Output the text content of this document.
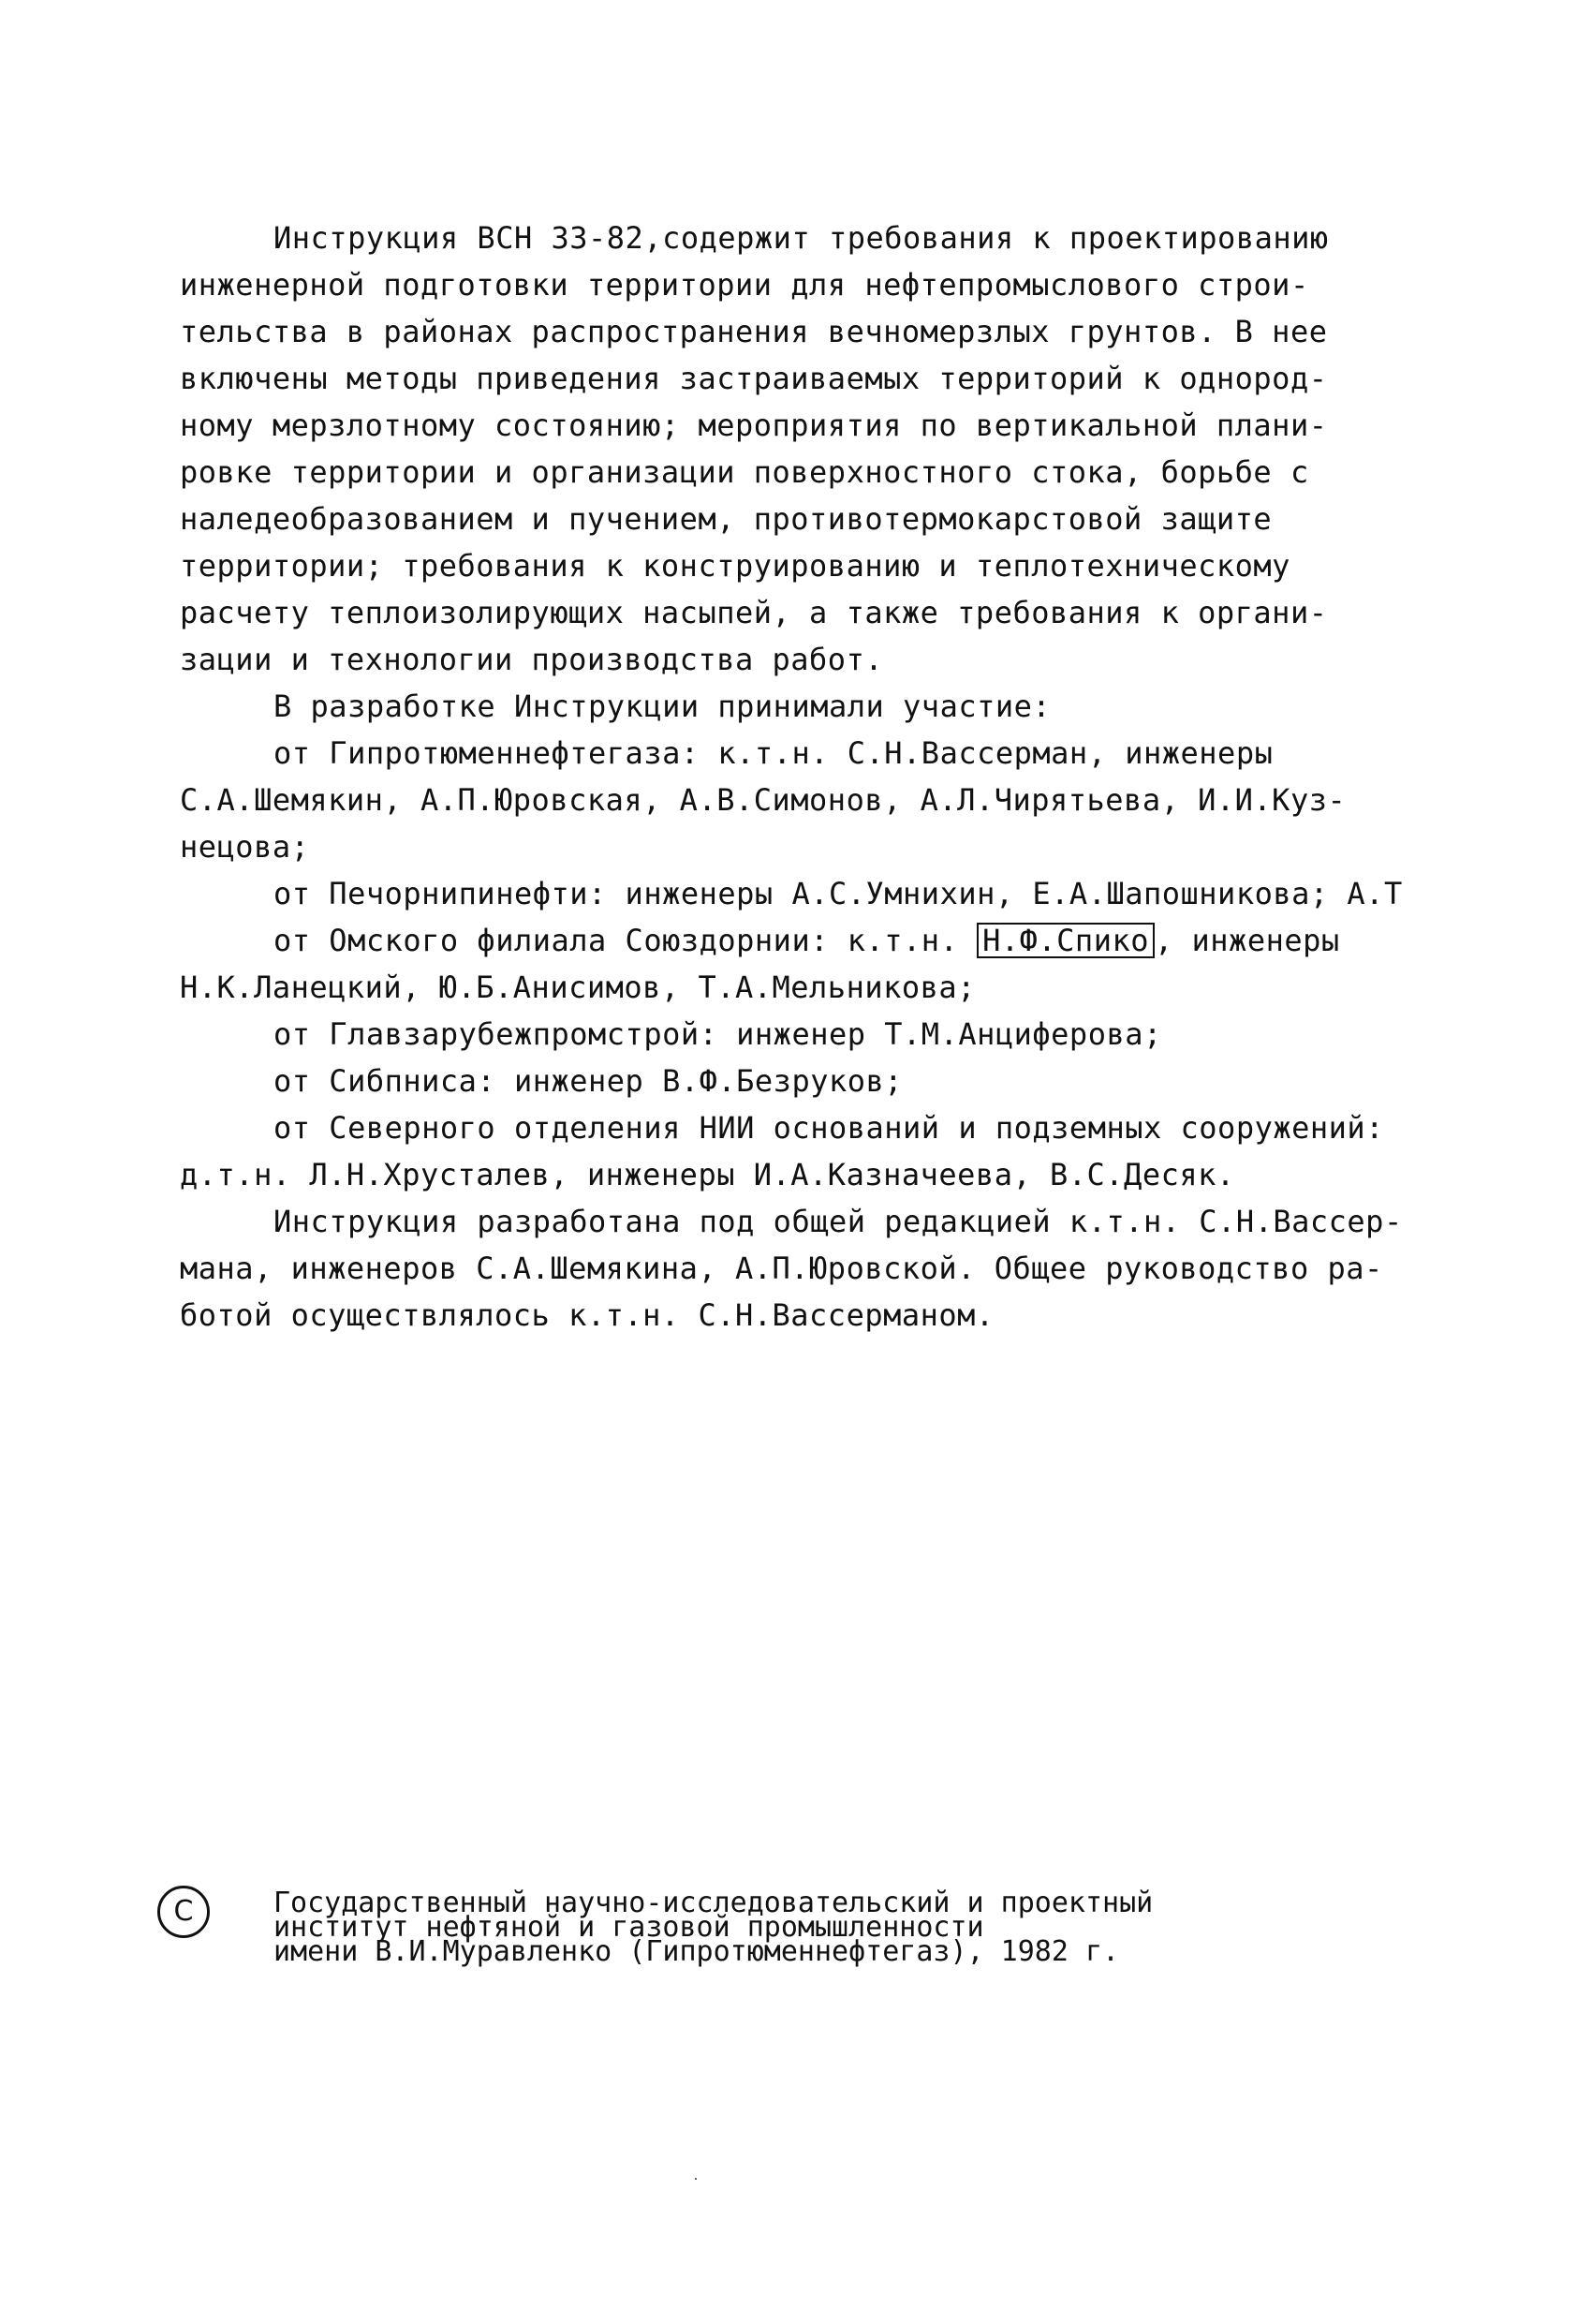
Инструкция ВСН 33-82,содержит требования к проектированию
инженерной подготовки территории для нефтепромыслового строи-
тельства в районах распространения вечномерзлых грунтов. В нее
включены методы приведения застраиваемых территорий к однород-
ному мерзлотному состоянию; мероприятия по вертикальной плани-
ровке территории и организации поверхностного стока, борьбе с
наледеобразованием и пучением, противотермокарстовой защите
территории; требования к конструированию и теплотехническому
расчету теплоизолирующих насыпей, а также требования к органи-
зации и технологии производства работ.
В разработке Инструкции принимали участие:
от Гипротюменнефтегаза: к.т.н. С.Н.Вассерман, инженеры
С.А.Шемякин, А.П.Юровская, А.В.Симонов, А.Л.Чирятьева, И.И.Куз-
нецова;
от Печорнипинефти: инженеры А.С.Умнихин, Е.А.Шапошникова; А.Т
от Омского филиала Союздорнии: к.т.н. Н.Ф.Спико , инженеры
Н.К.Ланецкий, Ю.Б.Анисимов, Т.А.Мельникова;
от Главзарубежпромстрой: инженер Т.М.Анциферова;
от Сибпниса: инженер В.Ф.Безруков;
от Северного отделения НИИ оснований и подземных сооружений:
д.т.н. Л.Н.Хрусталев, инженеры И.А.Казначеева, В.С.Десяк.
Инструкция разработана под общей редакцией к.т.н. С.Н.Вассер-
мана, инженеров С.А.Шемякина, А.П.Юровской. Общее руководство ра-
ботой осуществлялось к.т.н. С.Н.Вассерманом.
C	Государственный научно-исследовательский и проектный
институт нефтяной и газовой промышленности
имени В.И.Муравленко (Гипротюменнефтегаз), 1982 г.
